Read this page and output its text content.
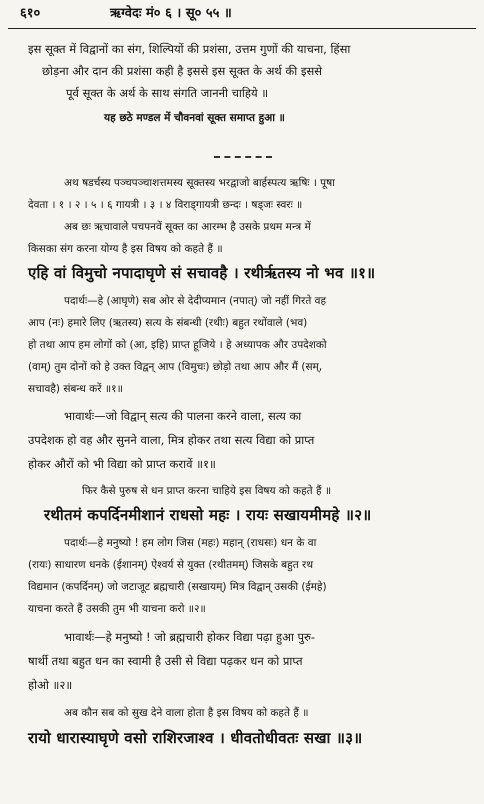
६१०	ऋग्वेदः मं० ६ । सू० ५५ ॥
इस सूक्त में विद्वानों का संग, शिल्पियों की प्रशंसा, उत्तम गुणों की याचना, हिंसा
छोड़ना और दान की प्रशंसा कही है इससे इस सूक्त के अर्थ की इससे
पूर्व सूक्त के अर्थ के साथ संगति जाननी चाहिये ॥
यह छठे मण्डल में चौवनवां सूक्त समाप्त हुआ ॥
अथ षडर्चस्य पञ्चपञ्चाशत्तमस्य सूक्तस्य भरद्वाजो बार्हस्पत्य ऋषिः । पूषा
देवता । १ । २ । ५ । ६ गायत्री । ३ । ४ विराड्गायत्री छन्दः । षड्जः स्वरः ॥
अब छः ऋचावाले पचपनवें सूक्त का आरम्भ है उसके प्रथम मन्त्र में
किसका संग करना योग्य है इस विषय को कहते हैं ॥
एहि वां विमुचो नपादाघृणे सं सचावहै । रथीर्ऋतस्य नो भव ॥१॥
पदार्थः—हे (आघृणे) सब ओर से देदीप्यमान (नपात्) जो नहीं गिरते वह
आप (नः) हमारे लिए (ऋतस्य) सत्य के संबन्धी (रथीः) बहुत रथोंवाले (भव)
हो तथा आप हम लोगों को (आ, इहि) प्राप्त हूजिये । हे अध्यापक और उपदेशको
(वाम्) तुम दोनों को हे उक्त विद्वन् आप (विमुचः) छोड़ो तथा आप और मैं (सम्,
सचावहै) संबन्ध करें ॥१॥
भावार्थः—जो विद्वान् सत्य की पालना करने वाला, सत्य का
उपदेशक हो वह और सुनने वाला, मित्र होकर तथा सत्य विद्या को प्राप्त
होकर औरों को भी विद्या को प्राप्त करावें ॥१॥
फिर कैसे पुरुष से धन प्राप्त करना चाहिये इस विषय को कहते हैं ॥
रथीतमं कपर्दिनमीशानं राधसो महः । रायः सखायमीमहे ॥२॥
पदार्थः—हे मनुष्यो ! हम लोग जिस (महः) महान् (राधसः) धन के वा
(रायः) साधारण धनके (ईशानम्) ऐश्वर्य से युक्त (रथीतमम्) जिसके बहुत रथ
विद्यमान (कपर्दिनम्) जो जटाजूट ब्रह्मचारी (सखायम्) मित्र विद्वान् उसकी (ईमहे)
याचना करते हैं उसकी तुम भी याचना करो ॥२॥
भावार्थः—हे मनुष्यो ! जो ब्रह्मचारी होकर विद्या पढ़ा हुआ पुरु-
षार्थी तथा बहुत धन का स्वामी है उसी से विद्या पढ़कर धन को प्राप्त
होओ ॥२॥
अब कौन सब को सुख देने वाला होता है इस विषय को कहते हैं ॥
रायो धारास्याघृणे वसो राशिरजाश्व । धीवतोधीवतः सखा ॥३॥
